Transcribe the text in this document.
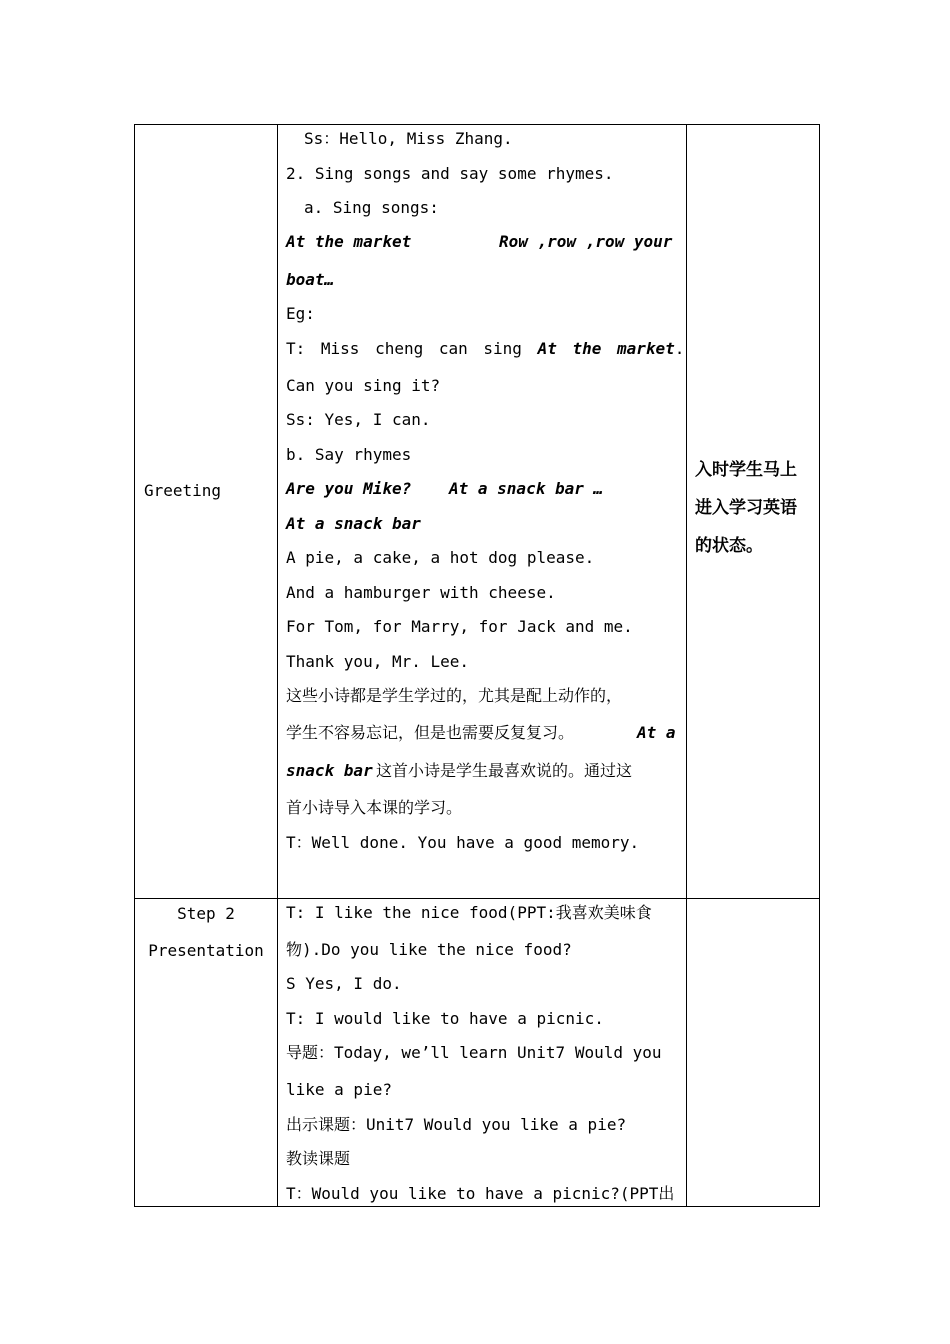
Greeting
Ss：Hello, Miss Zhang.
2. Sing songs and say some rhymes.
a. Sing songs:
At the market	Row ,row ,row your
boat…
Eg:
T: Miss cheng can sing At the market.
Can you sing it?
Ss: Yes, I can.
b. Say rhymes
Are you Mike? At a snack bar …
At a snack bar
A pie, a cake, a hot dog please.
And a hamburger with cheese.
For Tom, for Marry, for Jack and me.
Thank you, Mr. Lee.
这些小诗都是学生学过的，尤其是配上动作的，
学生不容易忘记，但是也需要反复复习。	At a
snack bar 这首小诗是学生最喜欢说的。通过这
首小诗导入本课的学习。
T：Well done. You have a good memory.
入时学生马上
进入学习英语
的状态。
Step 2
Presentation
T: I like the nice food(PPT:我喜欢美味食
物).Do you like the nice food?
S Yes, I do.
T: I would like to have a picnic.
导题：Today, we’ll learn Unit7 Would you
like a pie?
出示课题：Unit7 Would you like a pie?
教读课题
T：Would you like to have a picnic?(PPT出
